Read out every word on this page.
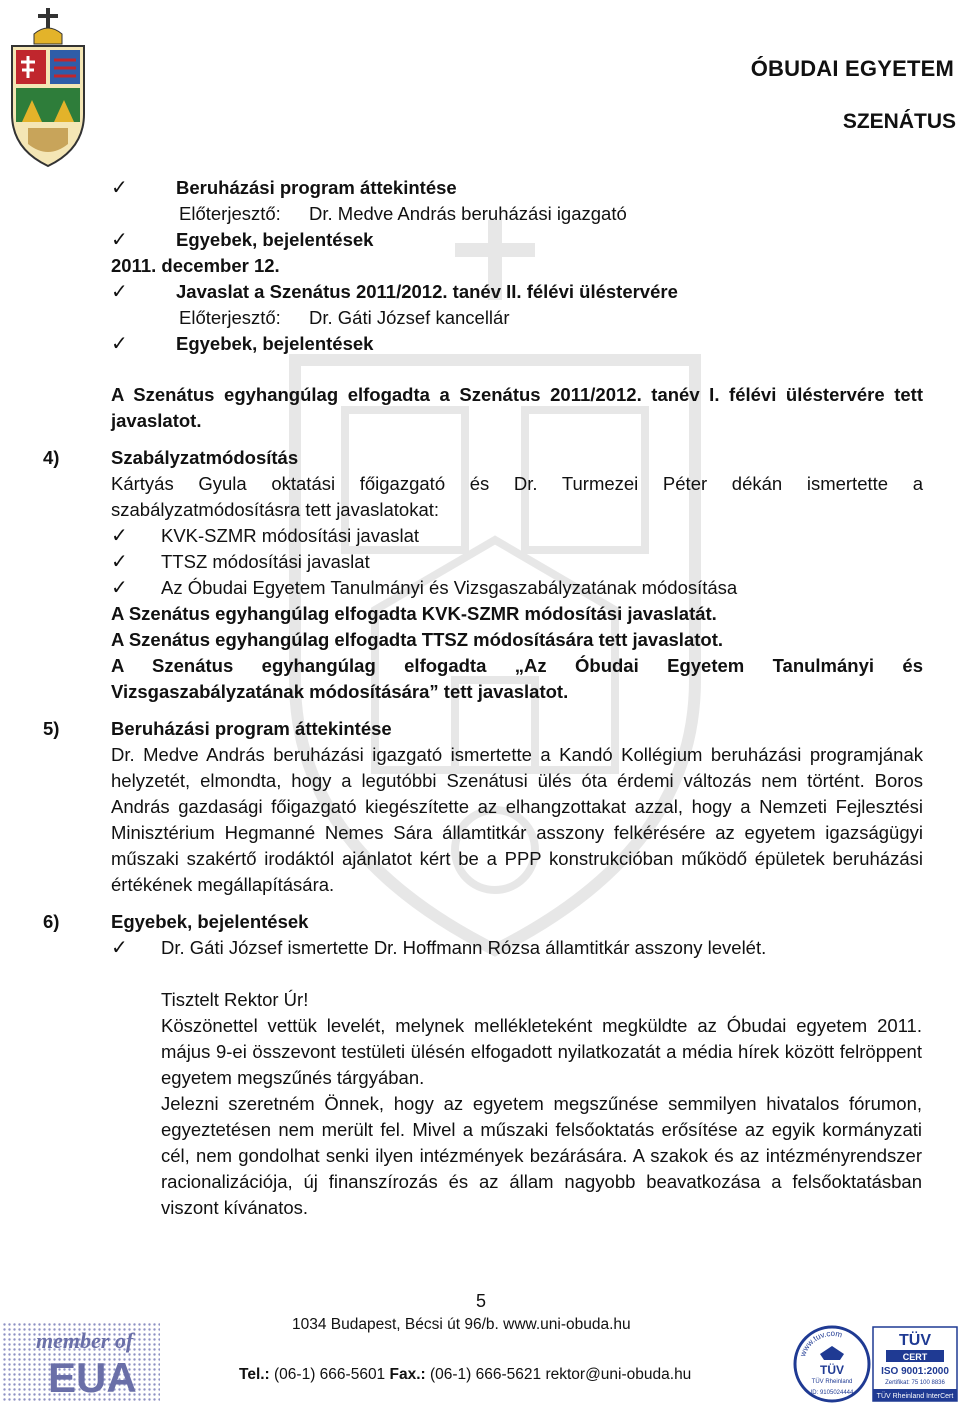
ÓBUDAI EGYETEM
SZENÁTUS
✓	Beruházási program áttekintése
Előterjesztő: Dr. Medve András beruházási igazgató
✓	Egyebek, bejelentések
2011. december 12.
✓	Javaslat a Szenátus 2011/2012. tanév II. félévi üléstervére
Előterjesztő: Dr. Gáti József kancellár
✓	Egyebek, bejelentések
A Szenátus egyhangúlag elfogadta a Szenátus 2011/2012. tanév I. félévi üléstervére tett
javaslatot.
4)	Szabályzatmódosítás
Kártyás Gyula oktatási főigazgató és Dr. Turmezei Péter dékán ismertette a
szabályzatmódosításra tett javaslatokat:
✓ KVK-SZMR módosítási javaslat
✓ TTSZ módosítási javaslat
✓ Az Óbudai Egyetem Tanulmányi és Vizsgaszabályzatának módosítása
A Szenátus egyhangúlag elfogadta KVK-SZMR módosítási javaslatát.
A Szenátus egyhangúlag elfogadta TTSZ módosítására tett javaslatot.
A Szenátus egyhangúlag elfogadta „Az Óbudai Egyetem Tanulmányi és
Vizsgaszabályzatának módosítására” tett javaslatot.
5)	Beruházási program áttekintése
Dr. Medve András beruházási igazgató ismertette a Kandó Kollégium beruházási programjának
helyzetét, elmondta, hogy a legutóbbi Szenátusi ülés óta érdemi változás nem történt. Boros
András gazdasági főigazgató kiegészítette az elhangzottakat azzal, hogy a Nemzeti Fejlesztési
Minisztérium Hegmanné Nemes Sára államtitkár asszony felkérésére az egyetem igazságügyi
műszaki szakértő irodáktól ajánlatot kért be a PPP konstrukcióban működő épületek beruházási
értékének megállapítására.
6)	Egyebek, bejelentések
✓ Dr. Gáti József ismertette Dr. Hoffmann Rózsa államtitkár asszony levelét.
Tisztelt Rektor Úr!
Köszönettel vettük levelét, melynek mellékleteként megküldte az Óbudai egyetem 2011.
május 9-ei összevont testületi ülésén elfogadott nyilatkozatát a média hírek között felröppent
egyetem megszűnés tárgyában.
Jelezni szeretném Önnek, hogy az egyetem megszűnése semmilyen hivatalos fórumon,
egyeztetésen nem merült fel. Mivel a műszaki felsőoktatás erősítése az egyik kormányzati
cél, nem gondolhat senki ilyen intézmények bezárására. A szakok és az intézményrendszer
racionalizációja, új finanszírozás és az állam nagyobb beavatkozása a felsőoktatásban
viszont kívánatos.
5
1034 Budapest, Bécsi út 96/b. www.uni-obuda.hu
Tel.: (06-1) 666-5601 Fax.: (06-1) 666-5621 rektor@uni-obuda.hu
member of
EUA
www.tuv.com
TÜV
TÜV Rheinland
ID: 9105024444
TÜV
CERT
ISO 9001:2000
Zertifikat: 75 100 8836
TÜV Rheinland InterCert
